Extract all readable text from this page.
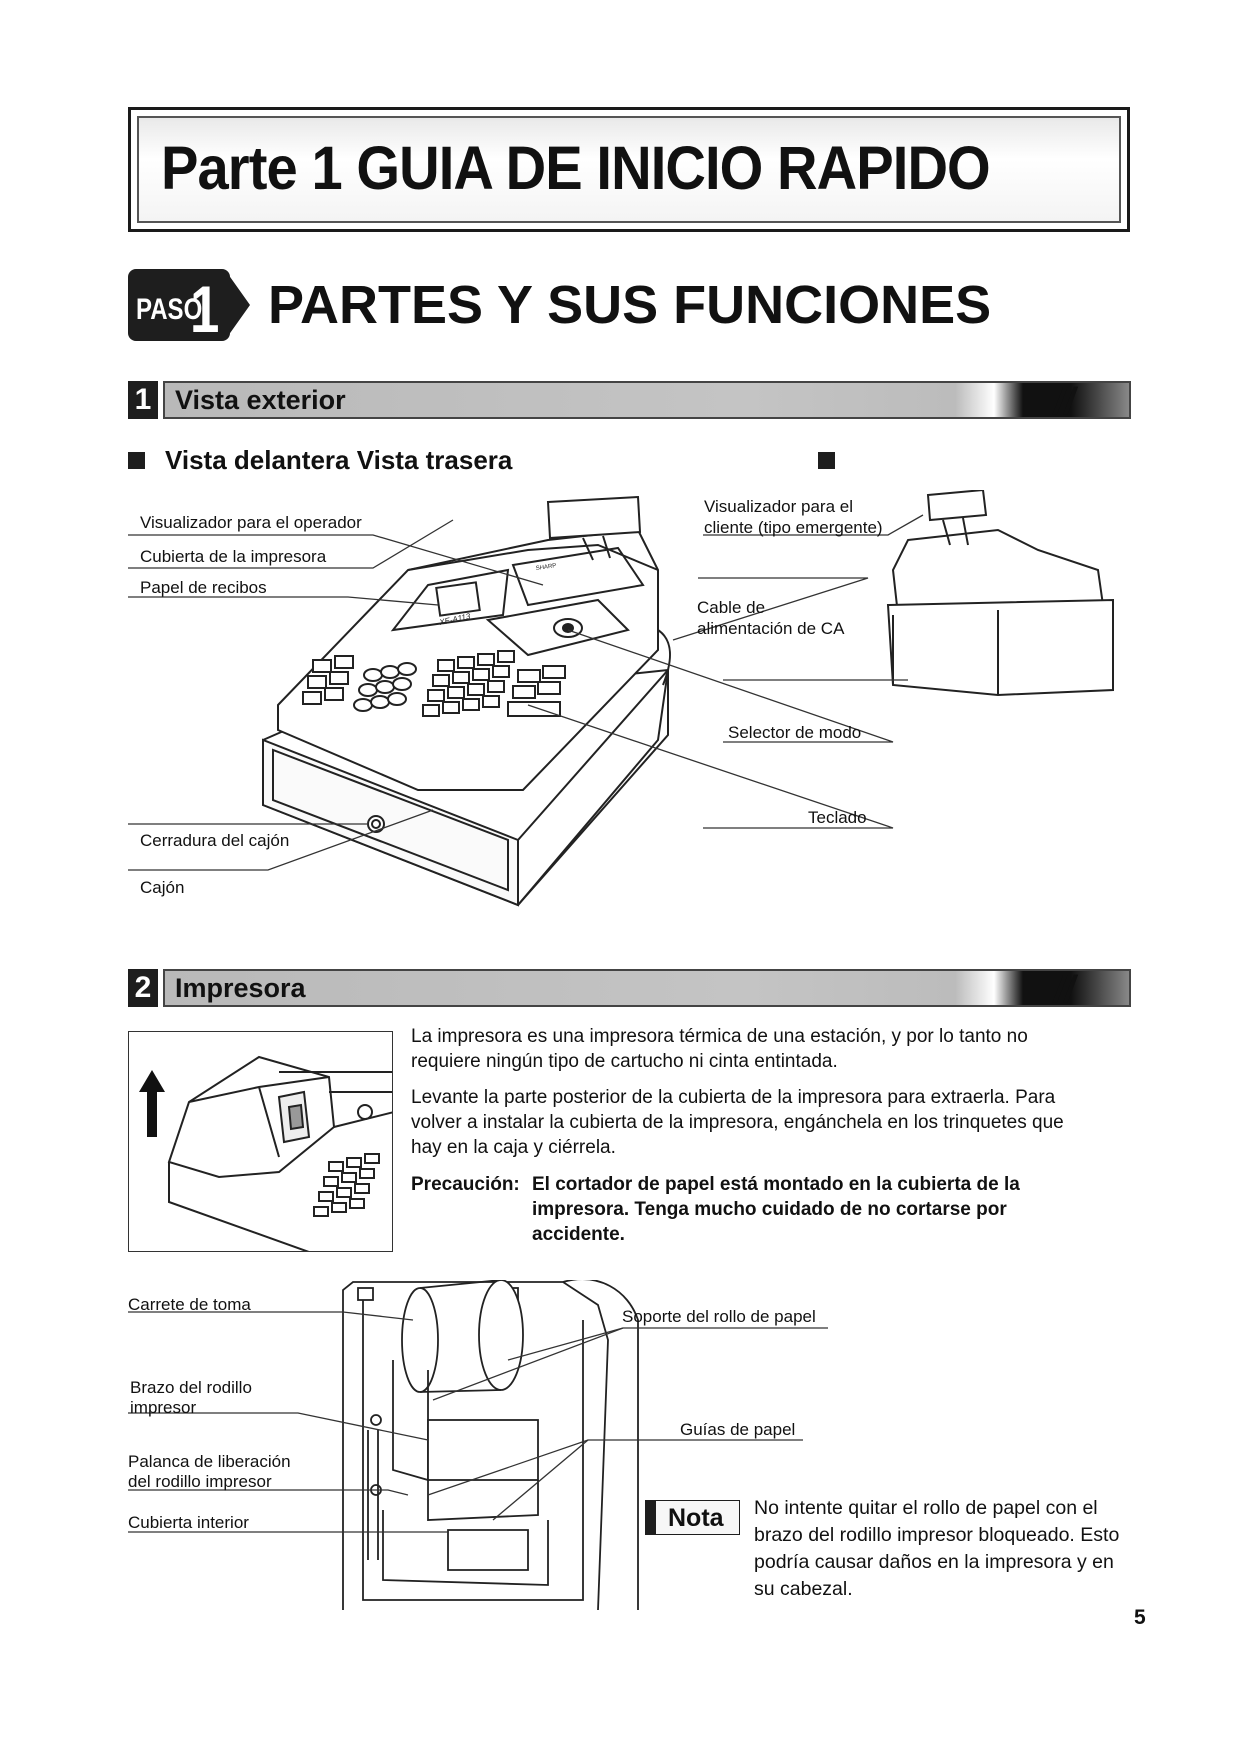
Parte 1 GUIA DE INICIO RAPIDO
PASO
1 PARTES Y SUS FUNCIONES
1 Vista exterior	//
Vista delantera Vista trasera
XE-A113
SHARP
Visualizador para el operador
Cubierta de la impresora
Papel de recibos
Cerradura del cajón
Cajón
Visualizador para el
cliente (tipo emergente)
Cable de
alimentación de CA
Selector de modo
Teclado
2 Impresora	//
La impresora es una impresora térmica de una estación, y por lo tanto no
requiere ningún tipo de cartucho ni cinta entintada.
Levante la parte posterior de la cubierta de la impresora para extraerla. Para
volver a instalar la cubierta de la impresora, engánchela en los trinquetes que
hay en la caja y ciérrela.
Precaución: El cortador de papel está montado en la cubierta de la
impresora. Tenga mucho cuidado de no cortarse por
accidente.
Carrete de toma
Brazo del rodillo
impresor
Palanca de liberación
del rodillo impresor
Cubierta interior
Soporte del rollo de papel
Guías de papel
Nota No intente quitar el rollo de papel con el
brazo del rodillo impresor bloqueado. Esto
podría causar daños en la impresora y en
su cabezal.
5
